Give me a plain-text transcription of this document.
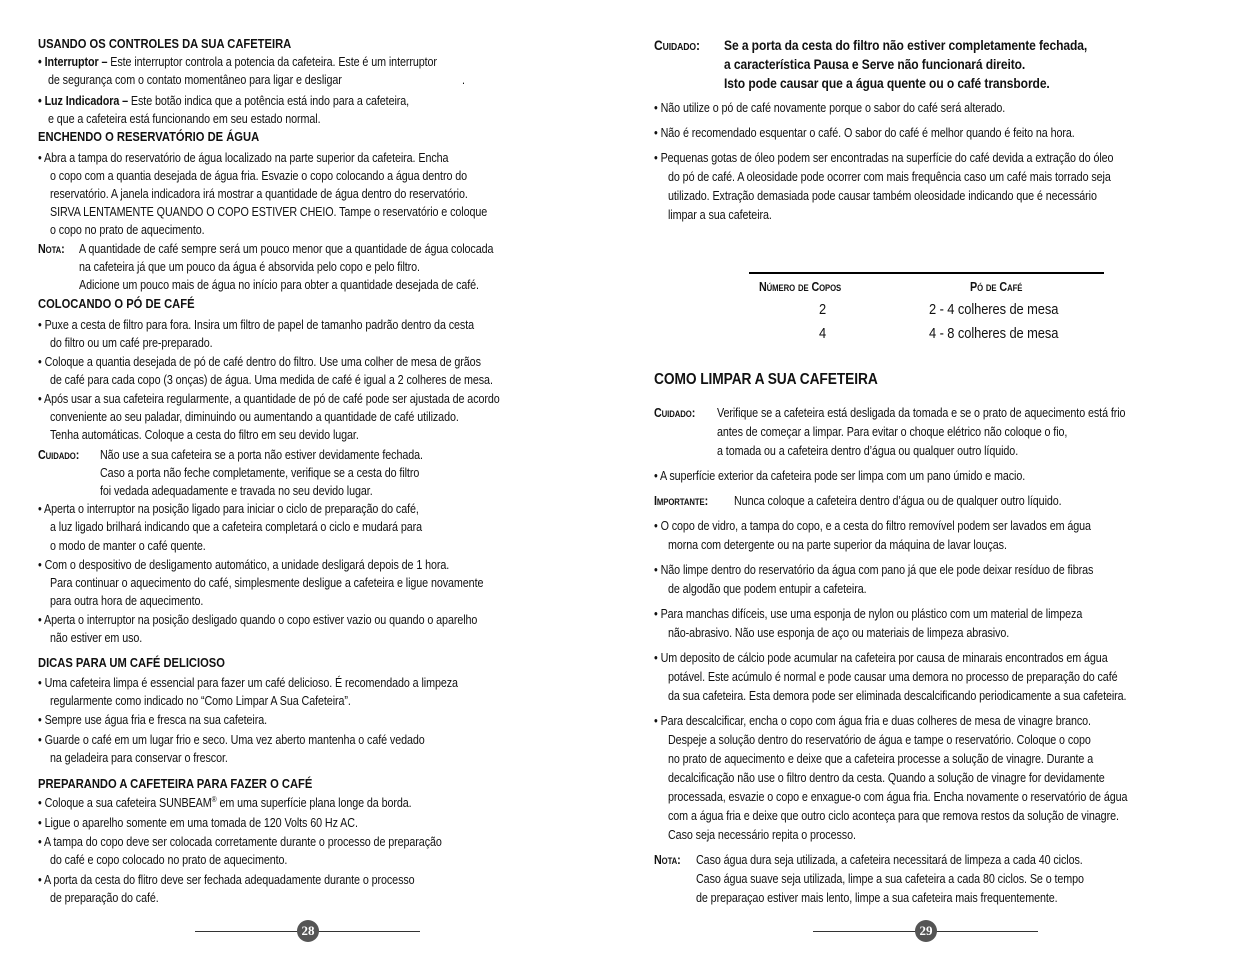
USANDO OS CONTROLES DA SUA CAFETEIRA
• Interruptor – Este interruptor controla a potencia da cafeteira. Este é um interruptor
de segurança com o contato momentâneo para ligar e desligar	.
• Luz Indicadora – Este botão indica que a potência está indo para a cafeteira,
e que a cafeteira está funcionando em seu estado normal.
ENCHENDO O RESERVATÓRIO DE ÁGUA
• Abra a tampa do reservatório de água localizado na parte superior da cafeteira. Encha
o copo com a quantia desejada de água fria. Esvazie o copo colocando a água dentro do
reservatório. A janela indicadora irá mostrar a quantidade de água dentro do reservatório.
SIRVA LENTAMENTE QUANDO O COPO ESTIVER CHEIO. Tampe o reservatório e coloque
o copo no prato de aquecimento.
Nota: A quantidade de café sempre será um pouco menor que a quantidade de água colocada
na cafeteira já que um pouco da água é absorvida pelo copo e pelo filtro.
Adicione um pouco mais de água no início para obter a quantidade desejada de café.
COLOCANDO O PÓ DE CAFÉ
• Puxe a cesta de filtro para fora. Insira um filtro de papel de tamanho padrão dentro da cesta
do filtro ou um café pre-preparado.
• Coloque a quantia desejada de pó de café dentro do filtro. Use uma colher de mesa de grãos
de café para cada copo (3 onças) de água. Uma medida de café é igual a 2 colheres de mesa.
• Após usar a sua cafeteira regularmente, a quantidade de pó de café pode ser ajustada de acordo
conveniente ao seu paladar, diminuindo ou aumentando a quantidade de café utilizado.
Tenha automáticas. Coloque a cesta do filtro em seu devido lugar.
Cuidado: Não use a sua cafeteira se a porta não estiver devidamente fechada.
Caso a porta não feche completamente, verifique se a cesta do filtro
foi vedada adequadamente e travada no seu devido lugar.
• Aperta o interruptor na posição ligado para iniciar o ciclo de preparação do café,
a luz ligado brilhará indicando que a cafeteira completará o ciclo e mudará para
o modo de manter o café quente.
• Com o despositivo de desligamento automático, a unidade desligará depois de 1 hora.
Para continuar o aquecimento do café, simplesmente desligue a cafeteira e ligue novamente
para outra hora de aquecimento.
• Aperta o interruptor na posição desligado quando o copo estiver vazio ou quando o aparelho
não estiver em uso.
DICAS PARA UM CAFÉ DELICIOSO
• Uma cafeteira limpa é essencial para fazer um café delicioso. É recomendado a limpeza
regularmente como indicado no “Como Limpar A Sua Cafeteira”.
• Sempre use água fria e fresca na sua cafeteira.
• Guarde o café em um lugar frio e seco. Uma vez aberto mantenha o café vedado
na geladeira para conservar o frescor.
PREPARANDO A CAFETEIRA PARA FAZER O CAFÉ
• Coloque a sua cafeteira SUNBEAM® em uma superfície plana longe da borda.
• Ligue o aparelho somente em uma tomada de 120 Volts 60 Hz AC.
• A tampa do copo deve ser colocada corretamente durante o processo de preparação
do café e copo colocado no prato de aquecimento.
• A porta da cesta do flitro deve ser fechada adequadamente durante o processo
de preparação do café.
28
Cuidado: Se a porta da cesta do filtro não estiver completamente fechada,
a característica Pausa e Serve não funcionará direito.
Isto pode causar que a água quente ou o café transborde.
• Não utilize o pó de café novamente porque o sabor do café será alterado.
• Não é recomendado esquentar o café. O sabor do café é melhor quando é feito na hora.
• Pequenas gotas de óleo podem ser encontradas na superfície do café devida a extração do óleo
do pó de café. A oleosidade pode ocorrer com mais frequência caso um café mais torrado seja
utilizado. Extração demasiada pode causar também oleosidade indicando que é necessário
limpar a sua cafeteira.
Número de Copos	Pó de Café
2	2 - 4 colheres de mesa
4	4 - 8 colheres de mesa
COMO LIMPAR A SUA CAFETEIRA
Cuidado: Verifique se a cafeteira está desligada da tomada e se o prato de aquecimento está frio
antes de começar a limpar. Para evitar o choque elétrico não coloque o fio,
a tomada ou a cafeteira dentro d’água ou qualquer outro líquido.
• A superfície exterior da cafeteira pode ser limpa com um pano úmido e macio.
Importante: Nunca coloque a cafeteira dentro d’água ou de qualquer outro líquido.
• O copo de vidro, a tampa do copo, e a cesta do filtro removível podem ser lavados em água
morna com detergente ou na parte superior da máquina de lavar louças.
• Não limpe dentro do reservatório da água com pano já que ele pode deixar resíduo de fibras
de algodão que podem entupir a cafeteira.
• Para manchas difíceis, use uma esponja de nylon ou plástico com um material de limpeza
não-abrasivo. Não use esponja de aço ou materiais de limpeza abrasivo.
• Um deposito de cálcio pode acumular na cafeteira por causa de minarais encontrados em água
potável. Este acúmulo é normal e pode causar uma demora no processo de preparação do café
da sua cafeteira. Esta demora pode ser eliminada descalcificando periodicamente a sua cafeteira.
• Para descalcificar, encha o copo com água fria e duas colheres de mesa de vinagre branco.
Despeje a solução dentro do reservatório de água e tampe o reservatório. Coloque o copo
no prato de aquecimento e deixe que a cafeteira processe a solução de vinagre. Durante a
decalcificação não use o filtro dentro da cesta. Quando a solução de vinagre for devidamente
processada, esvazie o copo e enxague-o com água fria. Encha novamente o reservatório de água
com a água fria e deixe que outro ciclo aconteça para que remova restos da solução de vinagre.
Caso seja necessário repita o processo.
Nota: Caso água dura seja utilizada, a cafeteira necessitará de limpeza a cada 40 ciclos.
Caso água suave seja utilizada, limpe a sua cafeteira a cada 80 ciclos. Se o tempo
de preparaçao estiver mais lento, limpe a sua cafeteira mais frequentemente.
29
